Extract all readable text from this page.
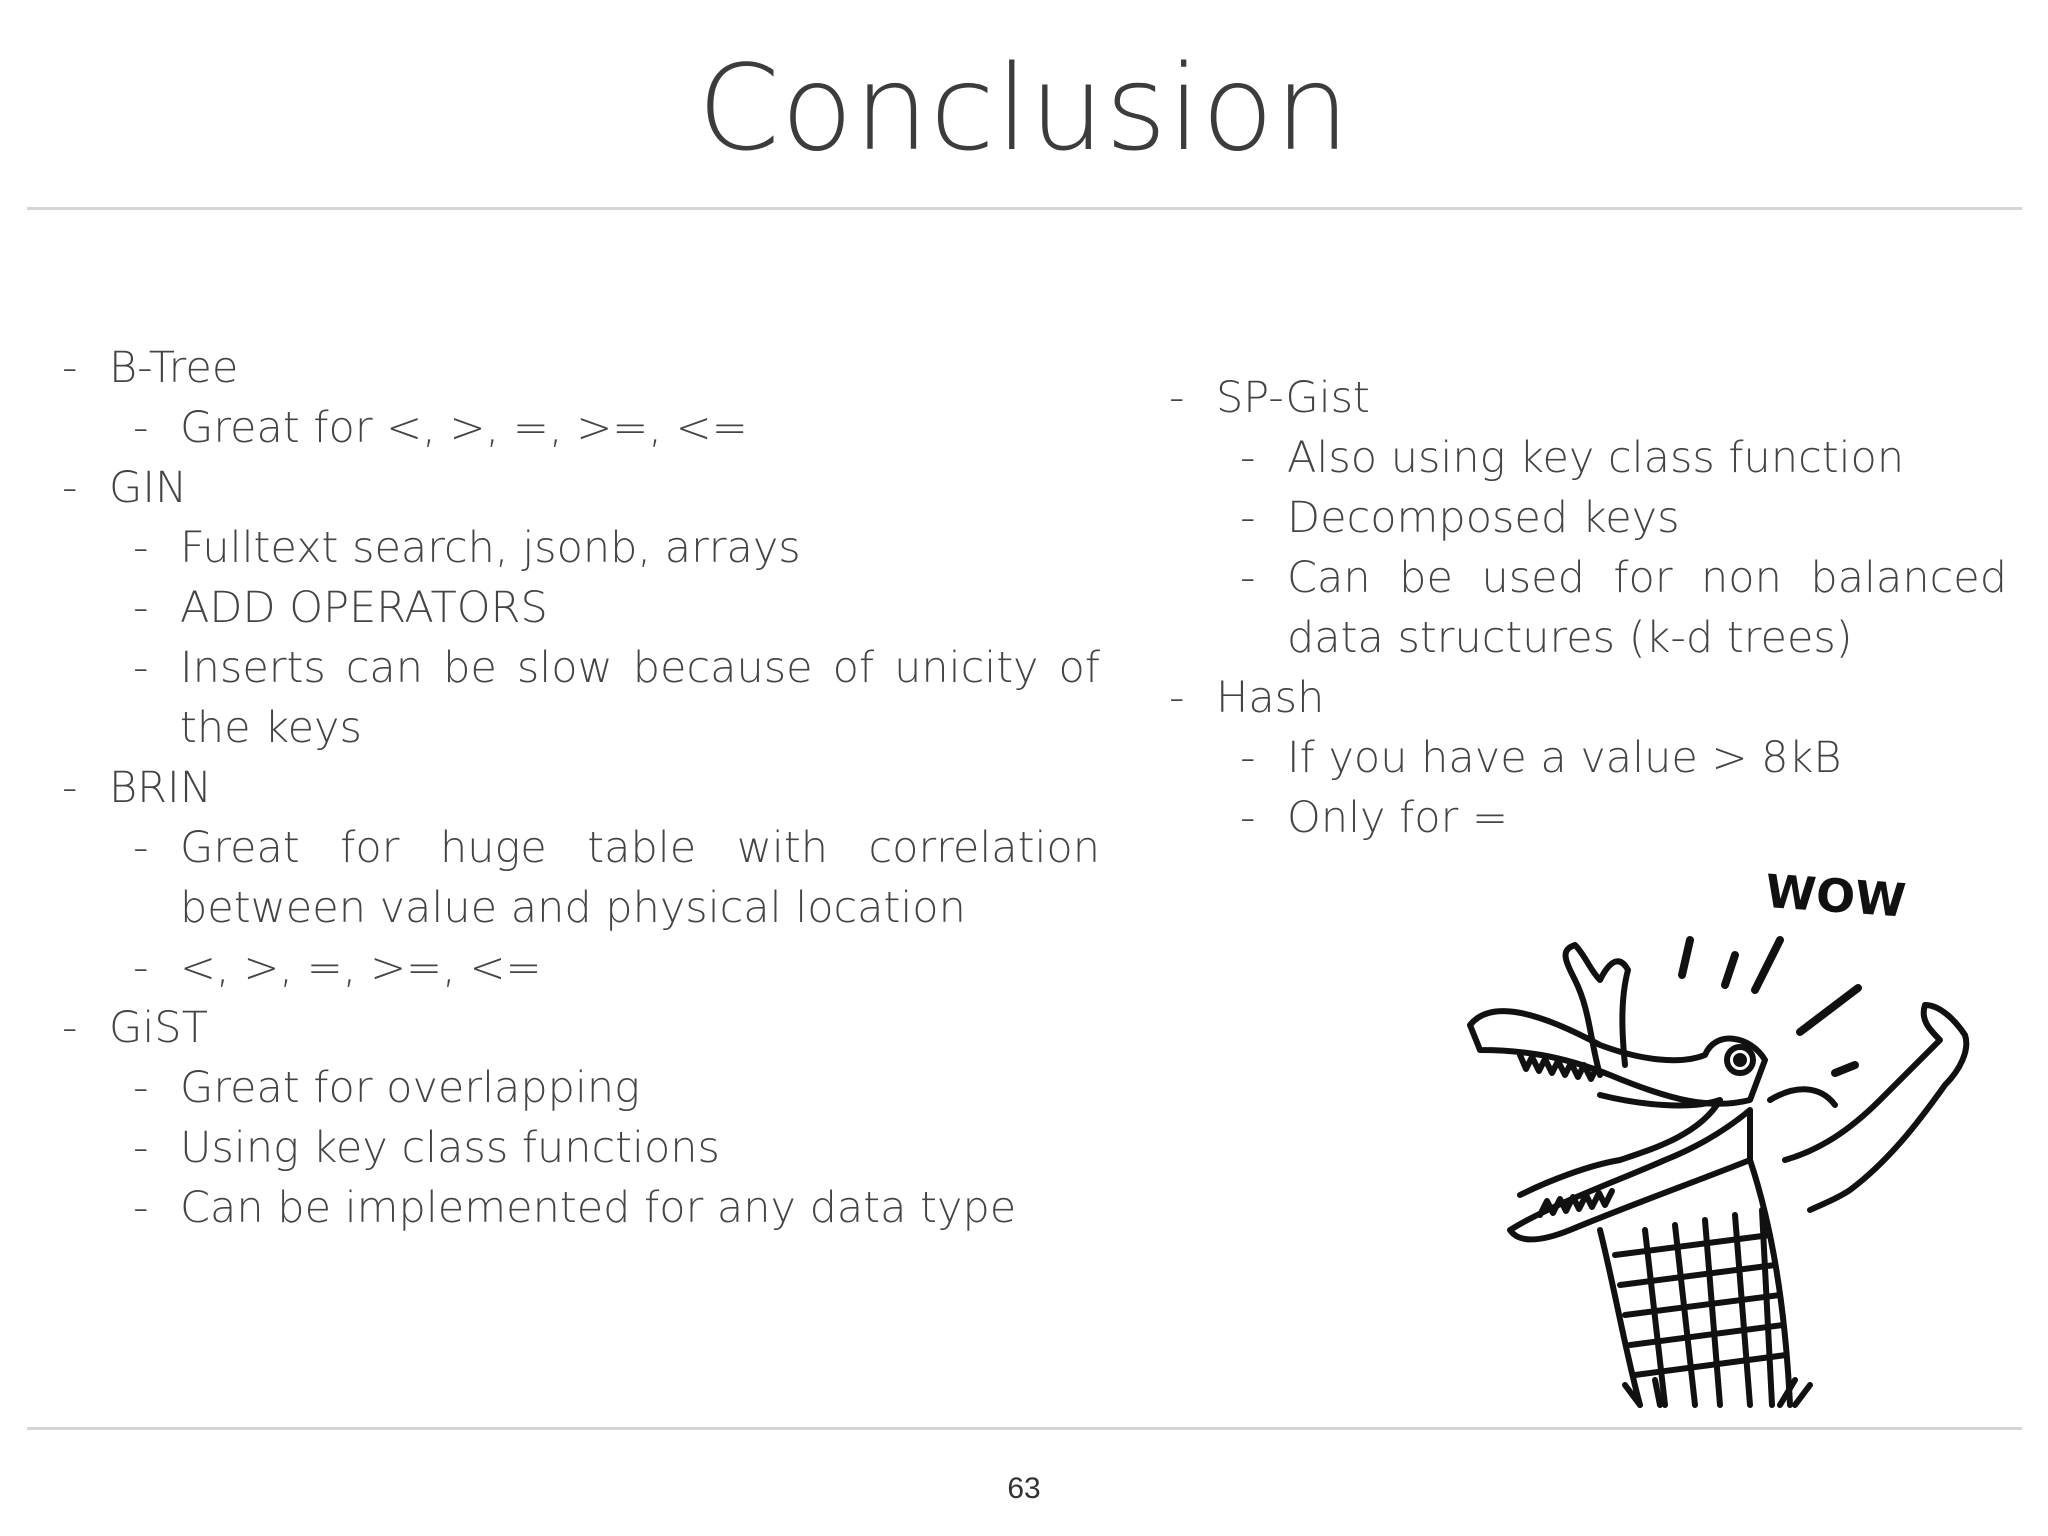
Conclusion
- B-Tree
- Great for <, >, =, >=, <=
- GIN
- Fulltext search, jsonb, arrays
- ADD OPERATORS
- Inserts can be slow because of unicity of the keys
- BRIN
- Great for huge table with correlation between value and physical location
- <, >, =, >=, <=
- GiST
- Great for overlapping
- Using key class functions
- Can be implemented for any data type
- SP-Gist
- Also using key class function
- Decomposed keys
- Can be used for non balanced data structures (k-d trees)
- Hash
- If you have a value > 8kB
- Only for =
WOW
63
